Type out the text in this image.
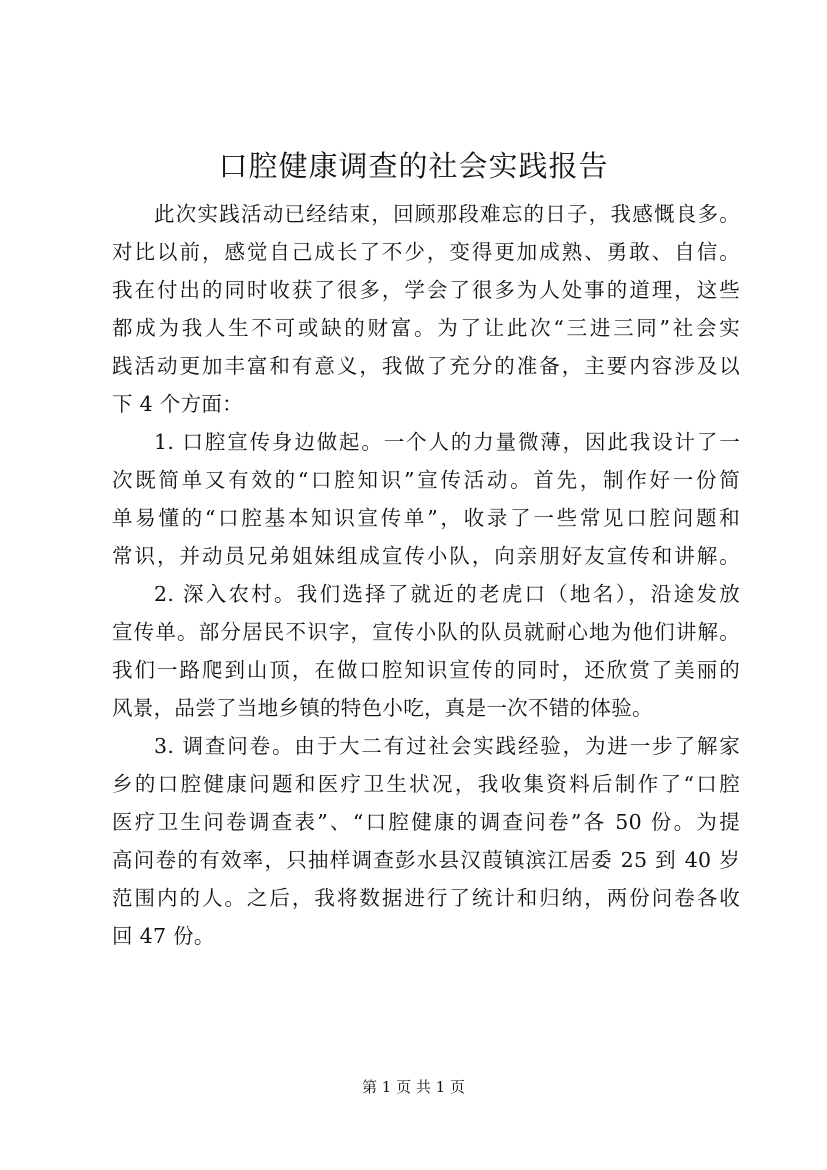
口腔健康调查的社会实践报告
此次实践活动已经结束，回顾那段难忘的日子，我感慨良多。
对比以前，感觉自己成长了不少，变得更加成熟、勇敢、自信。
我在付出的同时收获了很多，学会了很多为人处事的道理，这些
都成为我人生不可或缺的财富。为了让此次“三进三同”社会实
践活动更加丰富和有意义，我做了充分的准备，主要内容涉及以
下 4 个方面：
1. 口腔宣传身边做起。一个人的力量微薄，因此我设计了一
次既简单又有效的“口腔知识”宣传活动。首先，制作好一份简
单易懂的“口腔基本知识宣传单”，收录了一些常见口腔问题和
常识，并动员兄弟姐妹组成宣传小队，向亲朋好友宣传和讲解。
2. 深入农村。我们选择了就近的老虎口（地名），沿途发放
宣传单。部分居民不识字，宣传小队的队员就耐心地为他们讲解。
我们一路爬到山顶，在做口腔知识宣传的同时，还欣赏了美丽的
风景，品尝了当地乡镇的特色小吃，真是一次不错的体验。
3. 调查问卷。由于大二有过社会实践经验，为进一步了解家
乡的口腔健康问题和医疗卫生状况，我收集资料后制作了“口腔
医疗卫生问卷调查表”、“口腔健康的调查问卷”各 50 份。为提
高问卷的有效率，只抽样调查彭水县汉葭镇滨江居委 25 到 40 岁
范围内的人。之后，我将数据进行了统计和归纳，两份问卷各收
回 47 份。
第 1 页 共 1 页
